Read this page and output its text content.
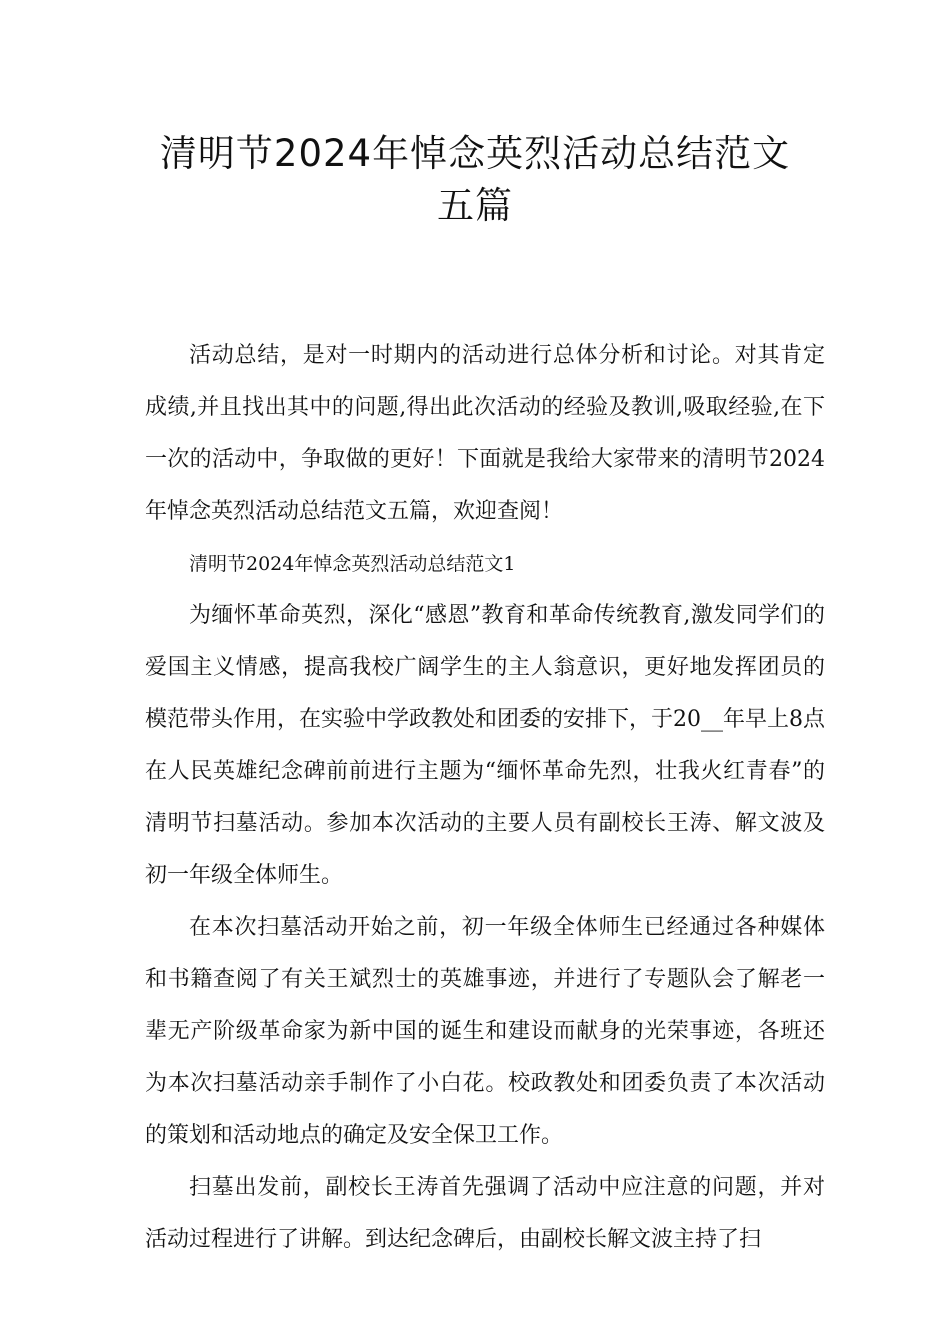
清明节2024年悼念英烈活动总结范文
五篇

活动总结，是对一时期内的活动进行总体分析和讨论。对其肯定成绩,并且找出其中的问题,得出此次活动的经验及教训,吸取经验,在下一次的活动中，争取做的更好！下面就是我给大家带来的清明节2024年悼念英烈活动总结范文五篇，欢迎查阅！

清明节2024年悼念英烈活动总结范文1

为缅怀革命英烈，深化“感恩”教育和革命传统教育,激发同学们的爱国主义情感，提高我校广阔学生的主人翁意识，更好地发挥团员的模范带头作用，在实验中学政教处和团委的安排下，于20__年早上8点在人民英雄纪念碑前前进行主题为“缅怀革命先烈，壮我火红青春”的清明节扫墓活动。参加本次活动的主要人员有副校长王涛、解文波及初一年级全体师生。

在本次扫墓活动开始之前，初一年级全体师生已经通过各种媒体和书籍查阅了有关王斌烈士的英雄事迹，并进行了专题队会了解老一辈无产阶级革命家为新中国的诞生和建设而献身的光荣事迹，各班还为本次扫墓活动亲手制作了小白花。校政教处和团委负责了本次活动的策划和活动地点的确定及安全保卫工作。

扫墓出发前，副校长王涛首先强调了活动中应注意的问题，并对活动过程进行了讲解。到达纪念碑后，由副校长解文波主持了扫
